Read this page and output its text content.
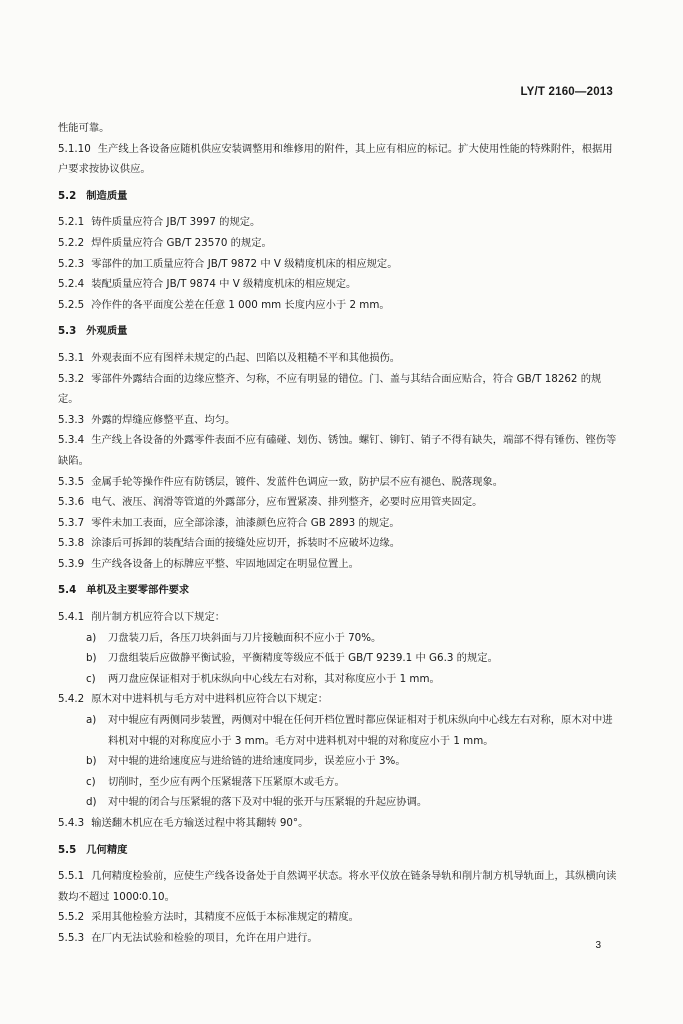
LY/T 2160—2013
性能可靠。
5.1.10 生产线上各设备应随机供应安装调整用和维修用的附件，其上应有相应的标记。扩大使用性能的特殊附件，根据用户要求按协议供应。
5.2 制造质量
5.2.1 铸件质量应符合 JB/T 3997 的规定。
5.2.2 焊件质量应符合 GB/T 23570 的规定。
5.2.3 零部件的加工质量应符合 JB/T 9872 中 V 级精度机床的相应规定。
5.2.4 装配质量应符合 JB/T 9874 中 V 级精度机床的相应规定。
5.2.5 冷作件的各平面度公差在任意 1 000 mm 长度内应小于 2 mm。
5.3 外观质量
5.3.1 外观表面不应有图样未规定的凸起、凹陷以及粗糙不平和其他损伤。
5.3.2 零部件外露结合面的边缘应整齐、匀称，不应有明显的错位。门、盖与其结合面应贴合，符合 GB/T 18262 的规定。
5.3.3 外露的焊缝应修整平直、均匀。
5.3.4 生产线上各设备的外露零件表面不应有磕碰、划伤、锈蚀。螺钉、铆钉、销子不得有缺失，端部不得有锤伤、铿伤等缺陷。
5.3.5 金属手轮等操作件应有防锈层，镀件、发蓝件色调应一致，防护层不应有褪色、脱落现象。
5.3.6 电气、液压、润滑等管道的外露部分，应布置紧凑、排列整齐，必要时应用管夹固定。
5.3.7 零件未加工表面，应全部涂漆，油漆颜色应符合 GB 2893 的规定。
5.3.8 涂漆后可拆卸的装配结合面的接缝处应切开，拆装时不应破坏边缘。
5.3.9 生产线各设备上的标牌应平整、牢固地固定在明显位置上。
5.4 单机及主要零部件要求
5.4.1 削片制方机应符合以下规定：
a) 刀盘装刀后，各压刀块斜面与刀片接触面积不应小于 70%。
b) 刀盘组装后应做静平衡试验，平衡精度等级应不低于 GB/T 9239.1 中 G6.3 的规定。
c) 两刀盘应保证相对于机床纵向中心线左右对称，其对称度应小于 1 mm。
5.4.2 原木对中进料机与毛方对中进料机应符合以下规定：
a) 对中辊应有两侧同步装置，两侧对中辊在任何开档位置时都应保证相对于机床纵向中心线左右对称，原木对中进料机对中辊的对称度应小于 3 mm。毛方对中进料机对中辊的对称度应小于 1 mm。
b) 对中辊的进给速度应与进给链的进给速度同步，误差应小于 3%。
c) 切削时，至少应有两个压紧辊落下压紧原木或毛方。
d) 对中辊的闭合与压紧辊的落下及对中辊的张开与压紧辊的升起应协调。
5.4.3 输送翻木机应在毛方输送过程中将其翻转 90°。
5.5 几何精度
5.5.1 几何精度检验前，应使生产线各设备处于自然调平状态。将水平仪放在链条导轨和削片制方机导轨面上，其纵横向读数均不超过 1000∶0.10。
5.5.2 采用其他检验方法时，其精度不应低于本标准规定的精度。
5.5.3 在厂内无法试验和检验的项目，允许在用户进行。
3
